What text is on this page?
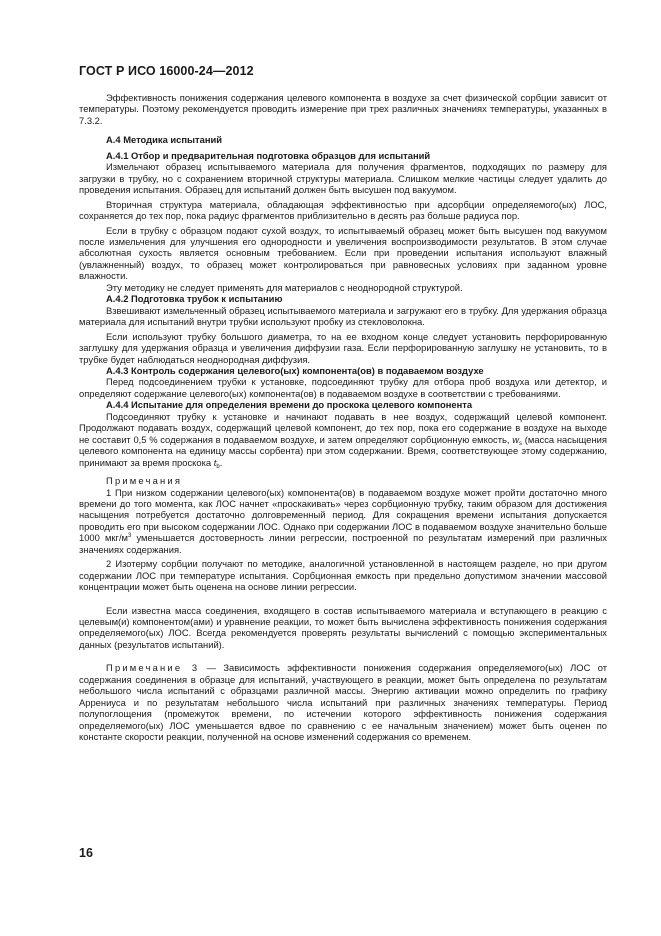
ГОСТ Р ИСО 16000-24—2012

Эффективность понижения содержания целевого компонента в воздухе за счет физической сорбции зависит от температуры. Поэтому рекомендуется проводить измерение при трех различных значениях температуры, указанных в 7.3.2.

А.4 Методика испытаний

А.4.1 Отбор и предварительная подготовка образцов для испытаний

Измельчают образец испытываемого материала для получения фрагментов, подходящих по размеру для загрузки в трубку, но с сохранением вторичной структуры материала. Слишком мелкие частицы следует удалить до проведения испытания. Образец для испытаний должен быть высушен под вакуумом.

Вторичная структура материала, обладающая эффективностью при адсорбции определяемого(ых) ЛОС, сохраняется до тех пор, пока радиус фрагментов приблизительно в десять раз больше радиуса пор.

Если в трубку с образцом подают сухой воздух, то испытываемый образец может быть высушен под вакуумом после измельчения для улучшения его однородности и увеличения воспроизводимости результатов. В этом случае абсолютная сухость является основным требованием. Если при проведении испытания используют влажный (увлажненный) воздух, то образец может контролироваться при равновесных условиях при заданном уровне влажности.

Эту методику не следует применять для материалов с неоднородной структурой.

А.4.2 Подготовка трубок к испытанию

Взвешивают измельченный образец испытываемого материала и загружают его в трубку. Для удержания образца материала для испытаний внутри трубки используют пробку из стекловолокна.

Если используют трубку большого диаметра, то на ее входном конце следует установить перфорированную заглушку для удержания образца и увеличения диффузии газа. Если перфорированную заглушку не установить, то в трубке будет наблюдаться неоднородная диффузия.

А.4.3 Контроль содержания целевого(ых) компонента(ов) в подаваемом воздухе

Перед подсоединением трубки к установке, подсоединяют трубку для отбора проб воздуха или детектор, и определяют содержание целевого(ых) компонента(ов) в подаваемом воздухе в соответствии с требованиями.

А.4.4 Испытание для определения времени до проскока целевого компонента

Подсоединяют трубку к установке и начинают подавать в нее воздух, содержащий целевой компонент. Продолжают подавать воздух, содержащий целевой компонент, до тех пор, пока его содержание в воздухе на выходе не составит 0,5 % содержания в подаваемом воздухе, и затем определяют сорбционную емкость, $w_s$ (масса насыщения целевого компонента на единицу массы сорбента) при этом содержании. Время, соответствующее этому содержанию, принимают за время проскока $t_b$.

Примечания

1 При низком содержании целевого(ых) компонента(ов) в подаваемом воздухе может пройти достаточно много времени до того момента, как ЛОС начнет «проскакивать» через сорбционную трубку, таким образом для достижения насыщения потребуется достаточно долговременный период. Для сокращения времени испытания допускается проводить его при высоком содержании ЛОС. Однако при содержании ЛОС в подаваемом воздухе значительно больше 1000 мкг/$м^3$ уменьшается достоверность линии регрессии, построенной по результатам измерений при различных значениях содержания.

2 Изотерму сорбции получают по методике, аналогичной установленной в настоящем разделе, но при другом содержании ЛОС при температуре испытания. Сорбционная емкость при предельно допустимом значении массовой концентрации может быть оценена на основе линии регрессии.

Если известна масса соединения, входящего в состав испытываемого материала и вступающего в реакцию с целевым(и) компонентом(ами) и уравнение реакции, то может быть вычислена эффективность понижения содержания определяемого(ых) ЛОС. Всегда рекомендуется проверять результаты вычислений с помощью экспериментальных данных (результатов испытаний).

Примечание 3 — Зависимость эффективности понижения содержания определяемого(ых) ЛОС от содержания соединения в образце для испытаний, участвующего в реакции, может быть определена по результатам небольшого числа испытаний с образцами различной массы. Энергию активации можно определить по графику Аррениуса и по результатам небольшого числа испытаний при различных значениях температуры. Период полупоглощения (промежуток времени, по истечении которого эффективность понижения содержания определяемого(ых) ЛОС уменьшается вдвое по сравнению с ее начальным значением) может быть оценен по константе скорости реакции, полученной на основе изменений содержания со временем.

16
